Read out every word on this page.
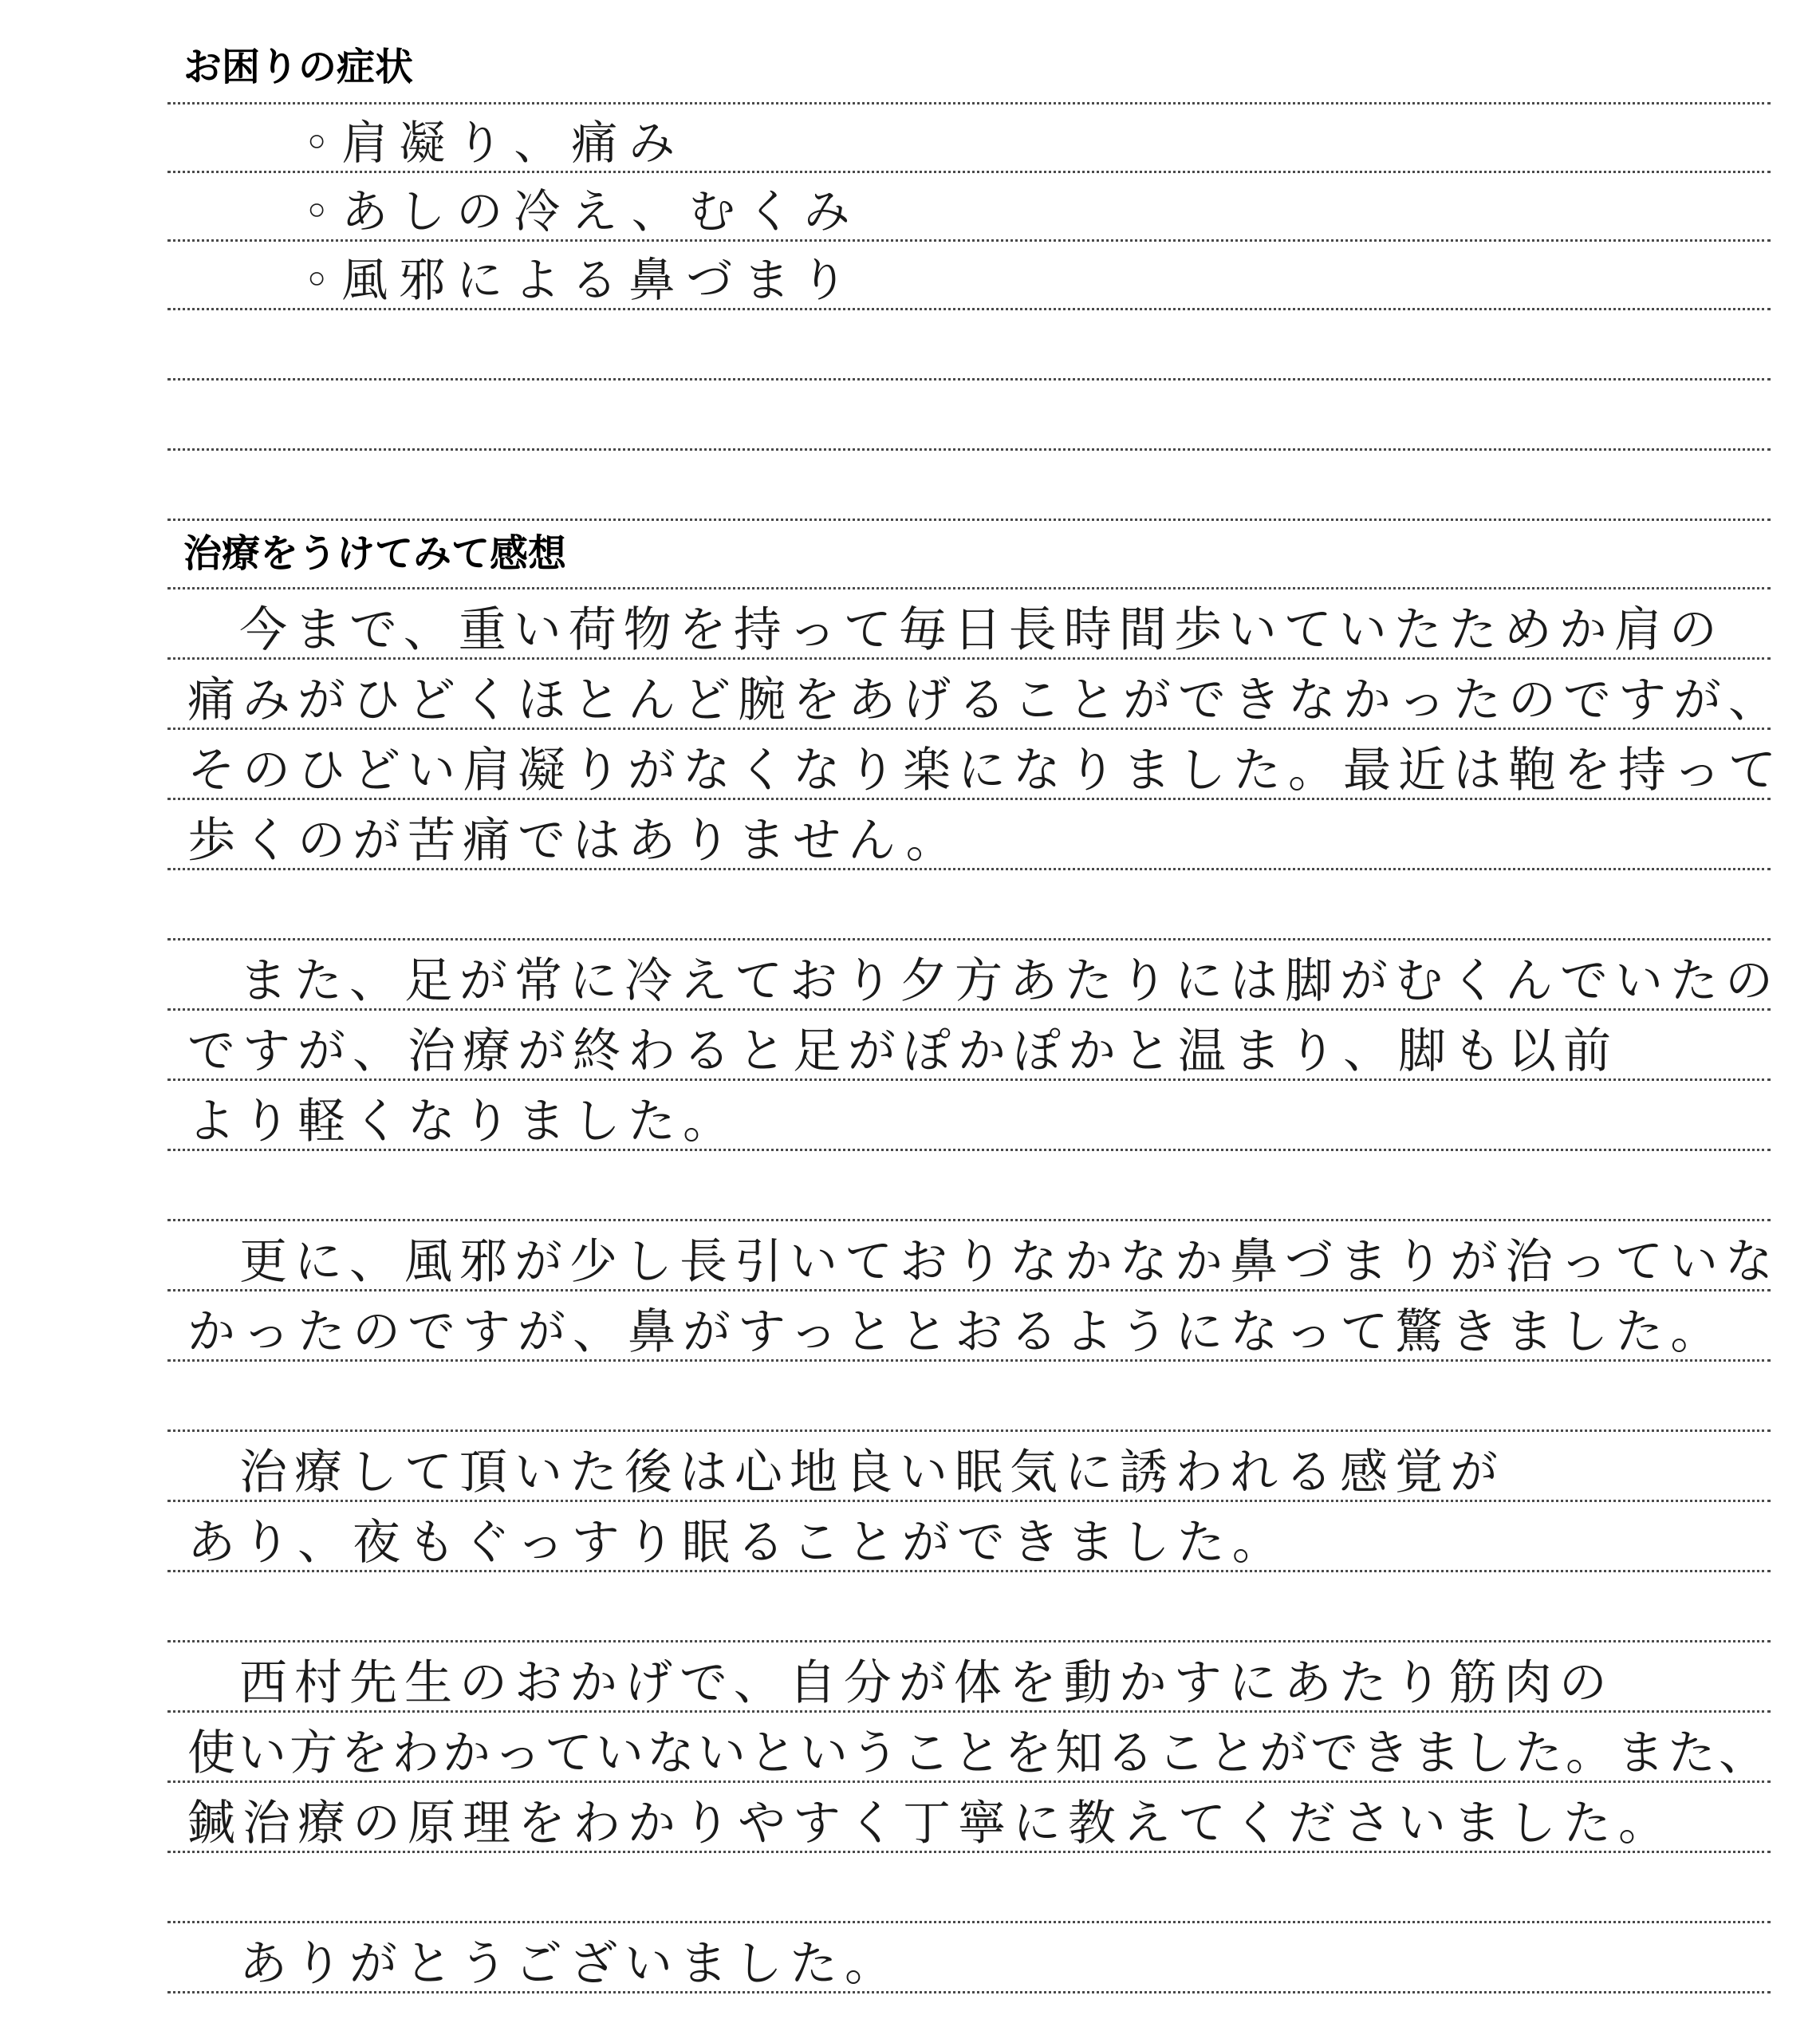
お困りの症状
◦肩凝り、痛み
◦あしの冷え、むくみ
◦風邪による鼻づまり
治療をうけてみて感想
今まで、重い荷物を持って毎日長時間歩いていたためか肩の
痛みがひどくほとんど腕をあげることができなかったのですが、
そのひどい肩凝りがなくなり楽になりました。最近は鞄を持って
歩くのが苦痛ではありません。
また、足が常に冷えており夕方あたりには脚がむくんでいたの
ですが、治療が終わると足がぽかぽかと温まり、脚も以前
より軽くなりました。
更に、風邪が少し長引いておりなかなか鼻づまりが治っていな
かったのですが、鼻がすっととおるようになって驚きました。
治療して頂いた後は心地良い眠気に誘われる感覚が
あり、夜もぐっすり眠ることができました。
西村先生のおかげで、自分が体を動かすにあたり筋肉の
使い方をわかっていないということを知ることができました。また、
鍼治療の原理をわかりやすく丁寧に教えてくださいました。
ありがとうございました。
